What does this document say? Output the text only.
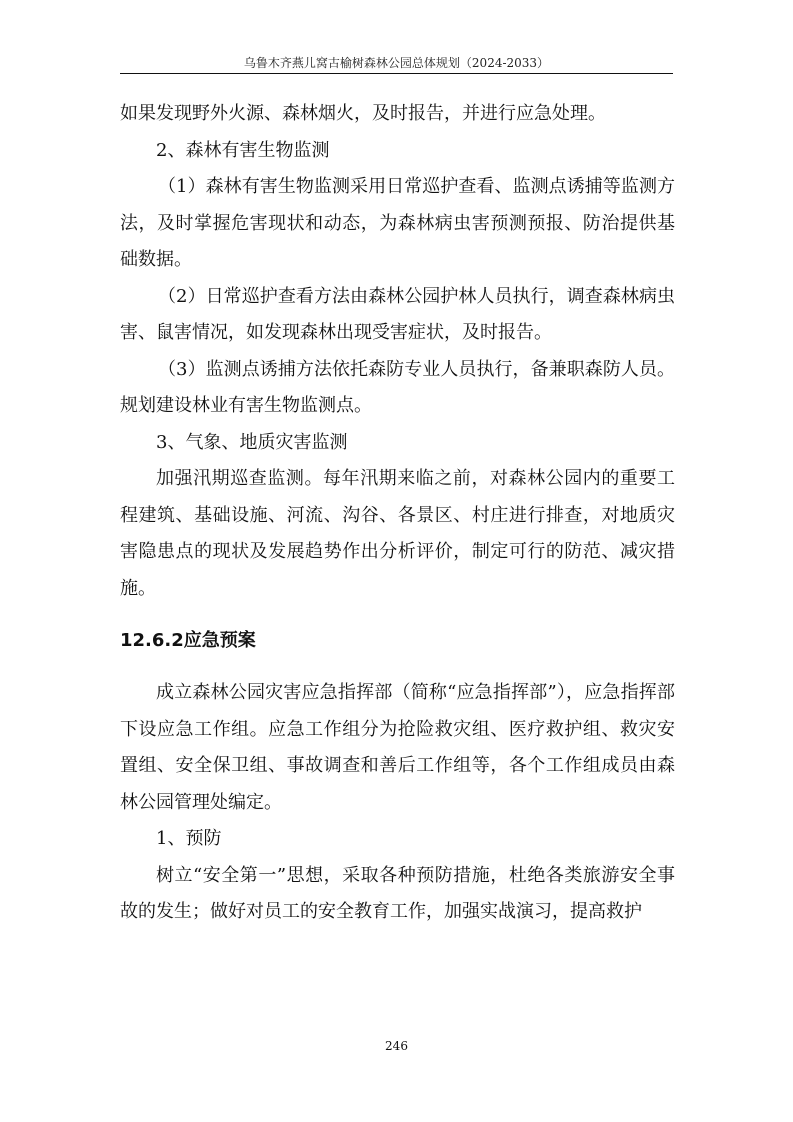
乌鲁木齐燕儿窝古榆树森林公园总体规划（2024-2033）

如果发现野外火源、森林烟火，及时报告，并进行应急处理。

2、森林有害生物监测

（1）森林有害生物监测采用日常巡护查看、监测点诱捕等监测方法，及时掌握危害现状和动态，为森林病虫害预测预报、防治提供基础数据。

（2）日常巡护查看方法由森林公园护林人员执行，调查森林病虫害、鼠害情况，如发现森林出现受害症状，及时报告。

（3）监测点诱捕方法依托森防专业人员执行，备兼职森防人员。规划建设林业有害生物监测点。

3、气象、地质灾害监测

加强汛期巡查监测。每年汛期来临之前，对森林公园内的重要工程建筑、基础设施、河流、沟谷、各景区、村庄进行排查，对地质灾害隐患点的现状及发展趋势作出分析评价，制定可行的防范、减灾措施。

12.6.2应急预案

成立森林公园灾害应急指挥部（简称“应急指挥部”），应急指挥部下设应急工作组。应急工作组分为抢险救灾组、医疗救护组、救灾安置组、安全保卫组、事故调查和善后工作组等，各个工作组成员由森林公园管理处编定。

1、预防

树立“安全第一”思想，采取各种预防措施，杜绝各类旅游安全事故的发生；做好对员工的安全教育工作，加强实战演习，提高救护

246
